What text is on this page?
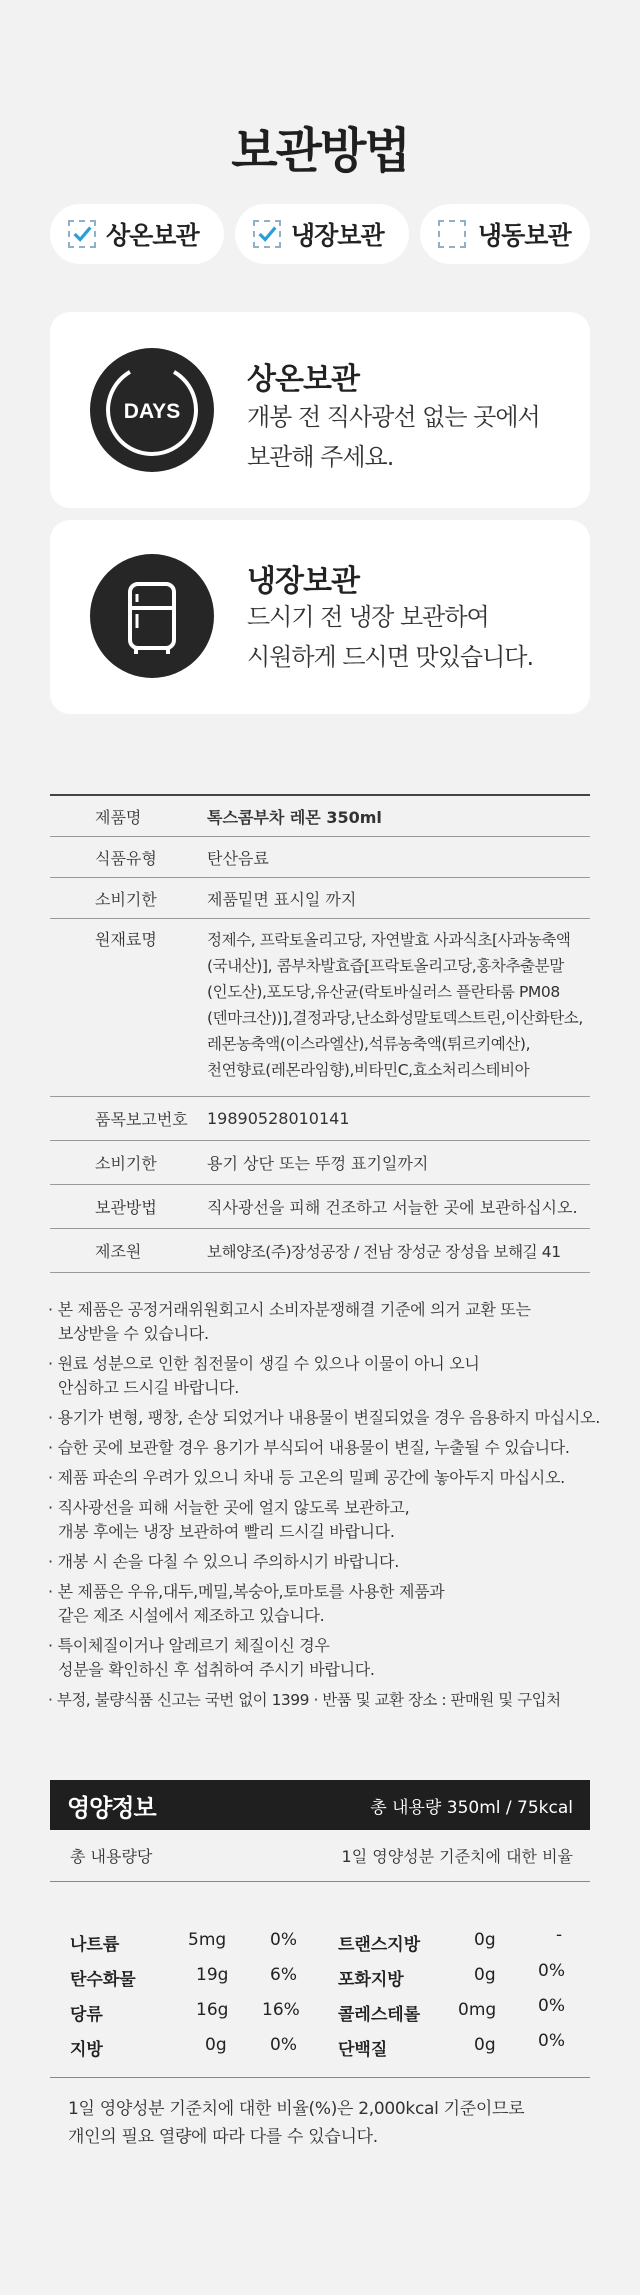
보관방법
상온보관	냉장보관	냉동보관
DAYS
상온보관

개봉 전 직사광선 없는 곳에서
보관해 주세요.

냉장보관

드시기 전 냉장 보관하여
시원하게 드시면 맛있습니다.

제품명	톡스콤부차 레몬 350ml
식품유형	탄산음료
소비기한	제품밑면 표시일 까지
원재료명	정제수, 프락토올리고당, 자연발효 사과식초[사과농축액
(국내산)], 콤부차발효즙[프락토올리고당,홍차추출분말
(인도산),포도당,유산균(락토바실러스 플란타룸 PM08
(덴마크산))],결정과당,난소화성말토덱스트린,이산화탄소,
레몬농축액(이스라엘산),석류농축액(튀르키예산),
천연향료(레몬라임향),비타민C,효소처리스테비아
품목보고번호	19890528010141
소비기한	용기 상단 또는 뚜껑 표기일까지
보관방법	직사광선을 피해 건조하고 서늘한 곳에 보관하십시오.
제조원	보해양조(주)장성공장 / 전남 장성군 장성읍 보해길 41
· 본 제품은 공정거래위원회고시 소비자분쟁해결 기준에 의거 교환 또는
보상받을 수 있습니다.
· 원료 성분으로 인한 침전물이 생길 수 있으나 이물이 아니 오니
안심하고 드시길 바랍니다.
· 용기가 변형, 팽창, 손상 되었거나 내용물이 변질되었을 경우 음용하지 마십시오.
· 습한 곳에 보관할 경우 용기가 부식되어 내용물이 변질, 누출될 수 있습니다.
· 제품 파손의 우려가 있으니 차내 등 고온의 밀폐 공간에 놓아두지 마십시오.
· 직사광선을 피해 서늘한 곳에 얼지 않도록 보관하고,
개봉 후에는 냉장 보관하여 빨리 드시길 바랍니다.
· 개봉 시 손을 다칠 수 있으니 주의하시기 바랍니다.
· 본 제품은 우유,대두,메밀,복숭아,토마토를 사용한 제품과
같은 제조 시설에서 제조하고 있습니다.
· 특이체질이거나 알레르기 체질이신 경우
성분을 확인하신 후 섭취하여 주시기 바랍니다.
· 부정, 불량식품 신고는 국번 없이 1399 · 반품 및 교환 장소 : 판매원 및 구입처
영양정보	총 내용량 350ml / 75kcal
총 내용량당	1일 영양성분 기준치에 대한 비율
나트륨	5mg	0%
탄수화물	19g 6%
당류	16g 16%
지방	0g	0%
트랜스지방	0g	-
포화지방	0g 0%
콜레스테롤 0mg 0%
단백질	0g 0%
1일 영양성분 기준치에 대한 비율(%)은 2,000kcal 기준이므로
개인의 필요 열량에 따라 다를 수 있습니다.
